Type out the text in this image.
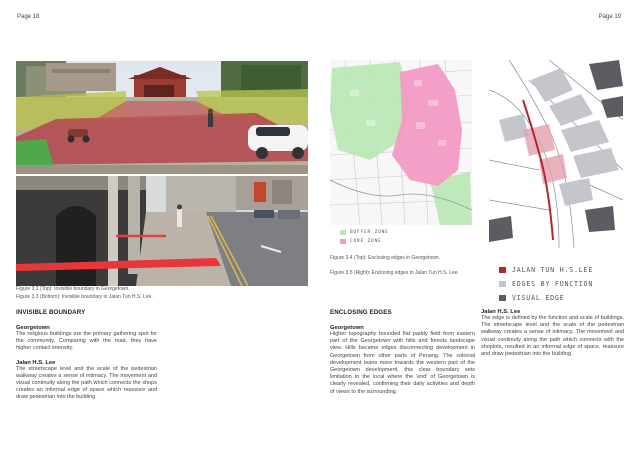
Page 18	Page 19
Figure 3.2 (Top): Invisible boundary in Georgetown.
Figure 3.3 (Bottom): Invisible boundary in Jalan Tun H.S. Lee.
INVISIBLE BOUNDARY
Georgetown
The religious buildings are the primary gathering spot for the community. Comparing with the road, they have higher contact intensity.
Jalan H.S. Lee
The streetscape level and the scale of the pedestrian walkway creates a sense of intimacy. The movement and visual continuity along the path which connects the shops creates an informal edge of space which reassure and draw pedestrian into the building.
BUFFER ZONE
CORE ZONE
Figure 3.4 (Top): Enclosing edges in Georgetown.
Figure 3.5 (Right): Enclosing edges in Jalan Tun H.S. Lee.
ENCLOSING EDGES
Georgetown
Higher topography bounded flat paddy field from eastern part of the Georgetown with hills and forests landscape view. Hills became edges disconnecting development in Georgetown from other parts of Penang. The colonial development leans more towards the western part of the Georgetown development. this clear boundary sets limitation to the local where the 'end' of Georgetown is clearly revealed, confirming their daily activities and depth of views to the surrounding.
JALAN TUN H.S.LEE
EDGES BY FUNCTION
VISUAL EDGE
Jalan H.S. Lee
The edge is defined by the function and scale of buildings. The streetscape level and the scale of the pedestrian walkway creates a sense of intimacy. The movement and visual continuity along the path which connects with the shoplots, resulted in an informal edge of space, reassure and draw pedestrian into the building.
